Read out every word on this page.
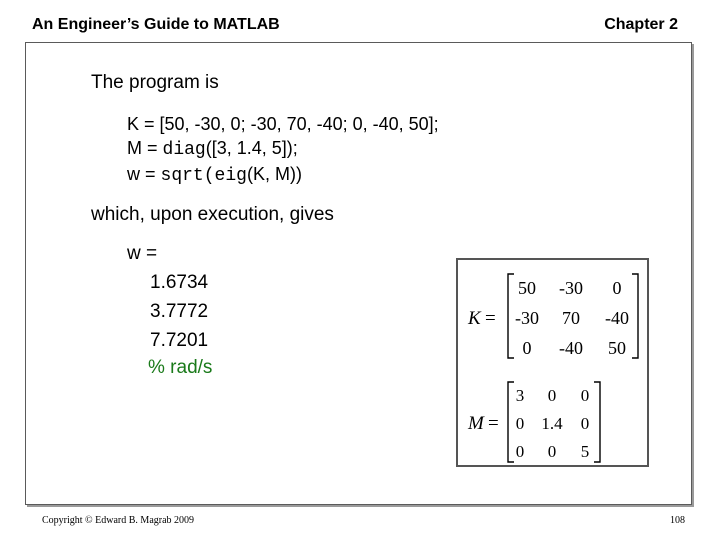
An Engineer’s Guide to MATLAB	Chapter 2
The program is
K = [50, -30, 0; -30, 70, -40; 0, -40, 50];
M = diag([3, 1.4, 5]);
w = sqrt(eig(K, M))
which, upon execution, gives
w =
1.6734
3.7772
7.7201
% rad/s
K =
50 -30 0
-30 70 -40
0 -40 50
M =
3 0 0
0 1.4 0
0 0 5
Copyright © Edward B. Magrab 2009	108
